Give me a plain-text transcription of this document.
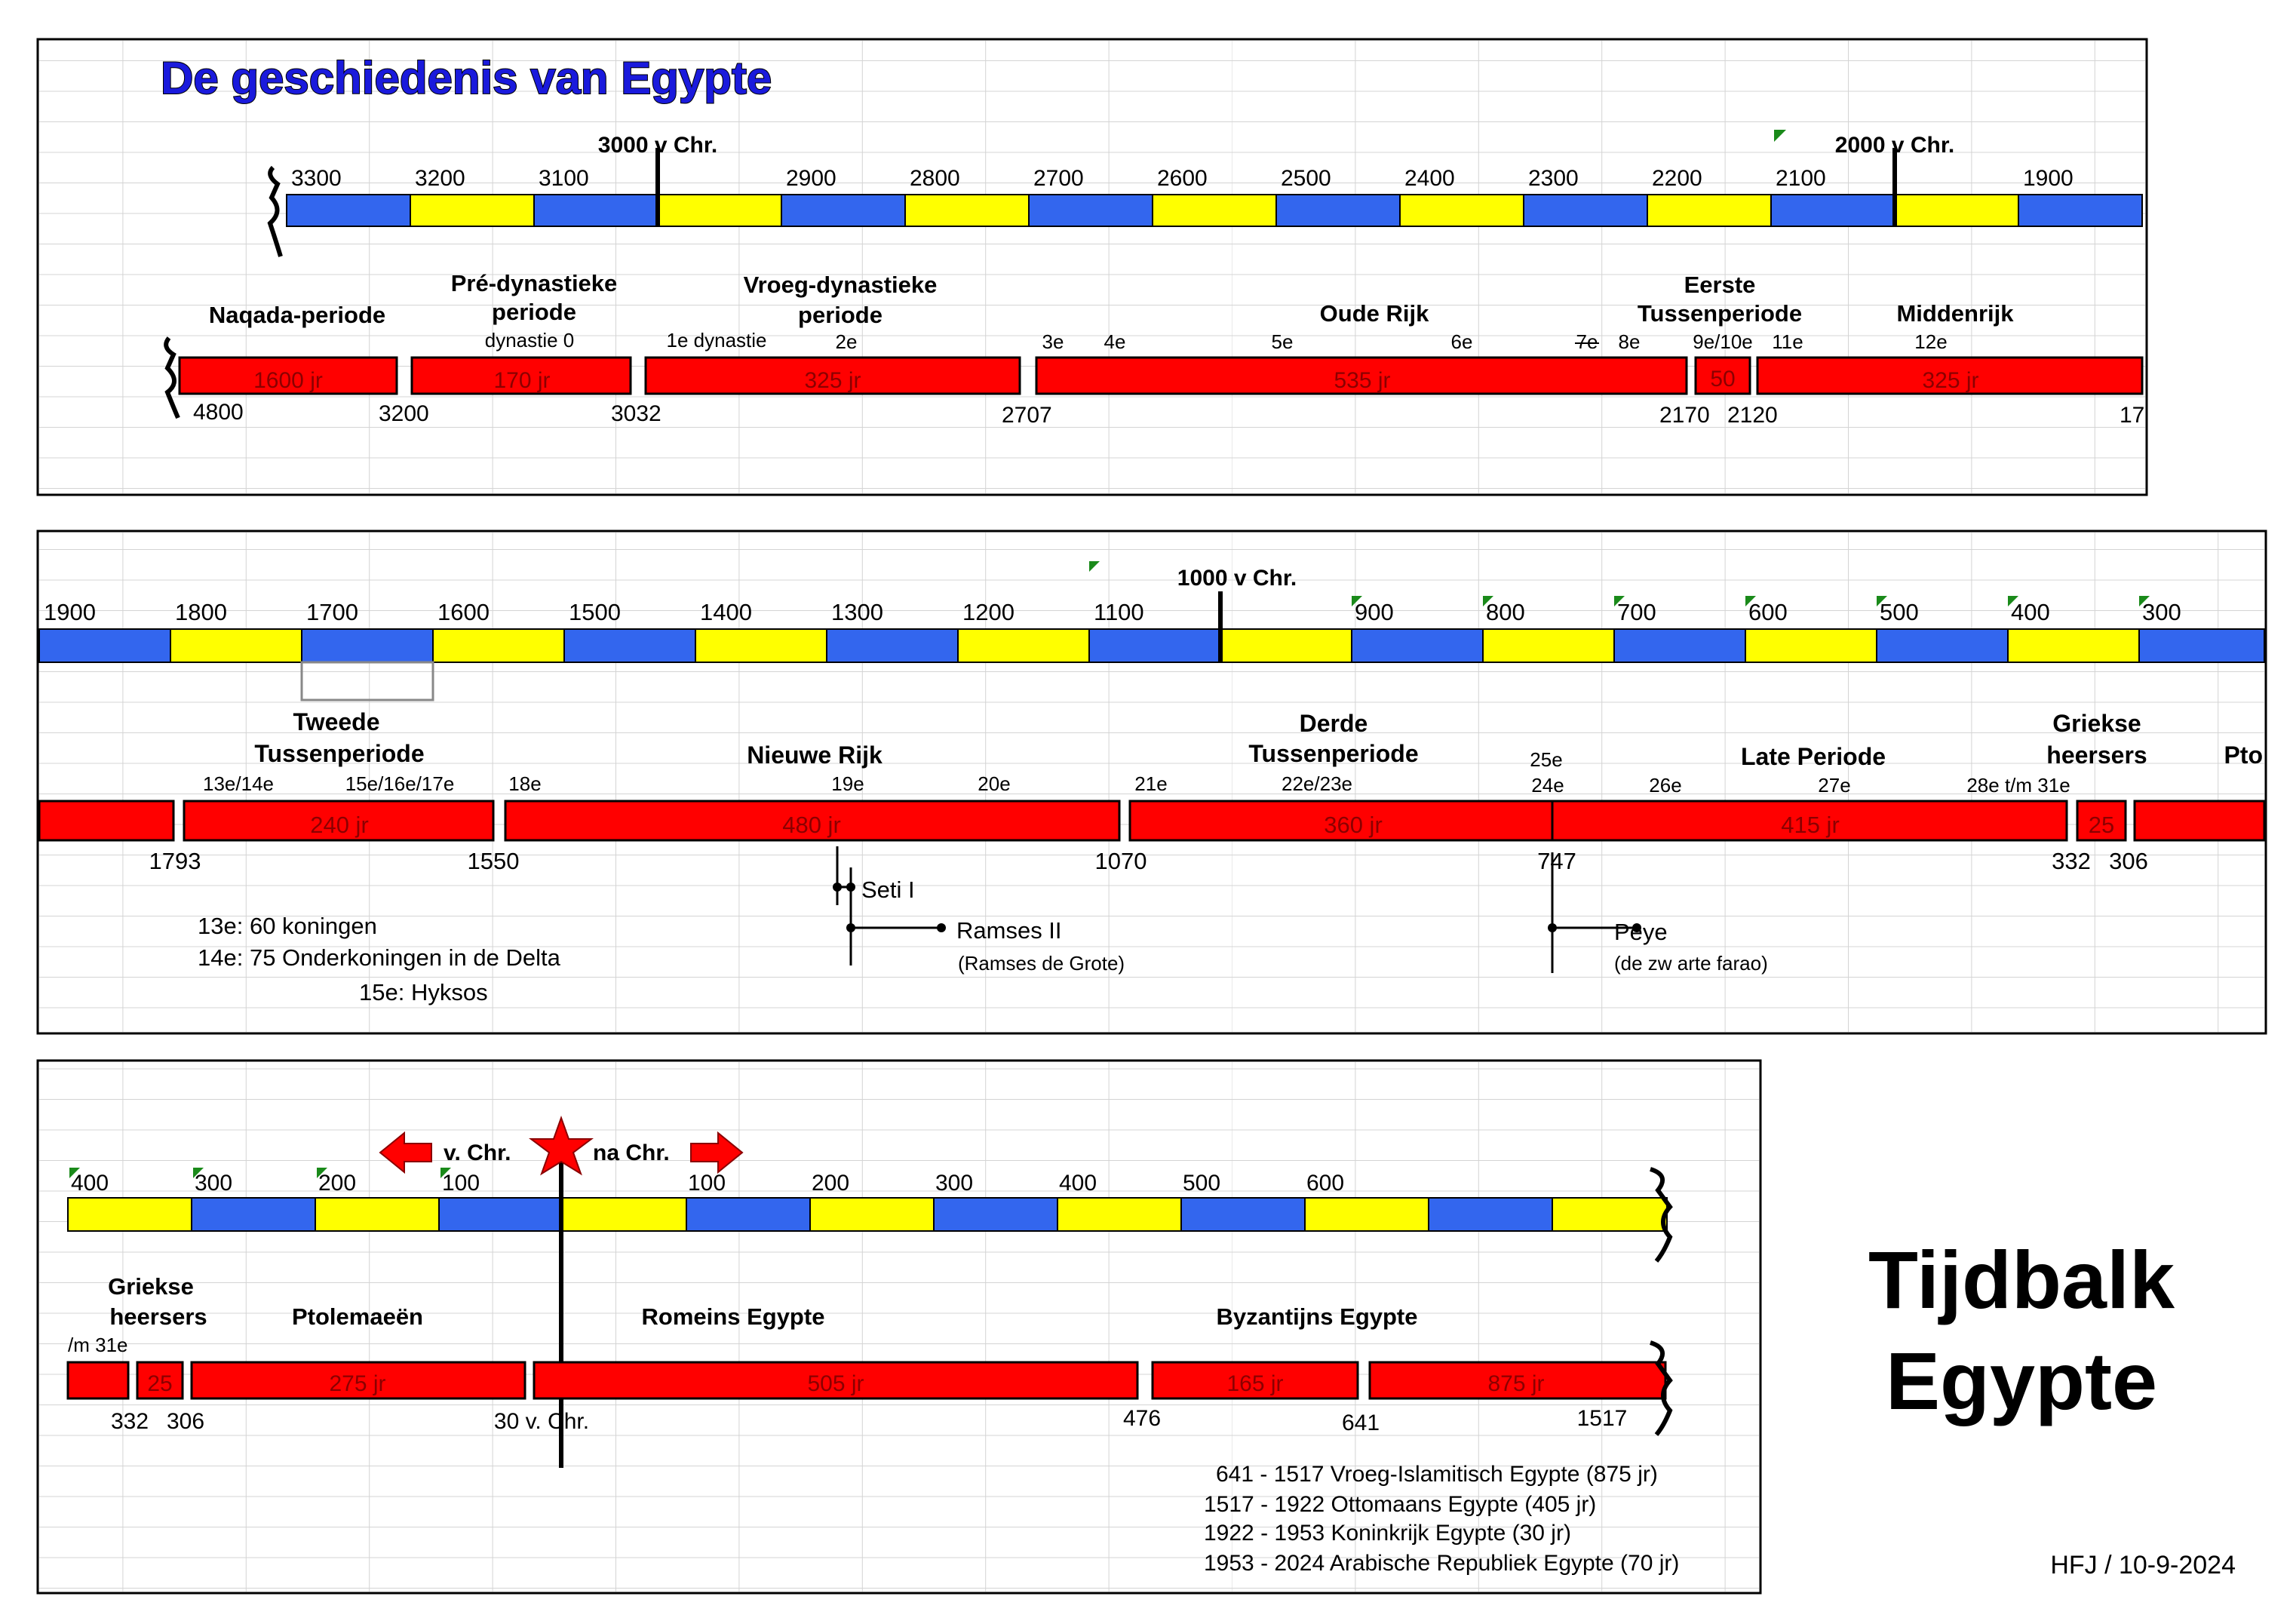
De geschiedenis van Egypte
3000 v Chr.	2000 v Chr.
3300	3200	3100	2900	2800	2700	2600	2500	2400	2300	2200	2100	1900
Naqada-periode
Pré-dynastieke
periode
Vroeg-dynastieke
periode	Oude Rijk
Eerste
Tussenperiode	Middenrijk
dynastie 0	1e dynastie	2e	3e 4e	5e	6e	7e 8e	9e/10e 11e	12e
1600 jr	170 jr	325 jr	535 jr	50	325 jr
4800	3200	3032	2707	2170 2120	17
1000 v Chr.
1900	1800	1700	1600	1500	1400	1300	1200	1100	900	800	700	600	500	400	300
Tweede
Tussenperiode	Nieuwe Rijk
Derde
Tussenperiode	Late Periode
Griekse
heersers	Pto
13e/14e	15e/16e/17e	18e	19e	20e	21e	22e/23e
25e
24e	26e	27e	28e t/m 31e
240 jr	480 jr	360 jr	415 jr	25
1793	1550	1070	747	332 306
Seti I
Ramses II
(Ramses de Grote)
Peye
(de zw arte farao)
13e: 60 koningen
14e: 75 Onderkoningen in de Delta
15e: Hyksos
v. Chr.	na Chr.
400	300	200	100	100	200	300	400	500	600
Griekse
heersers	Ptolemaeën	Romeins Egypte	Byzantijns Egypte
/m 31e
25	275 jr	505 jr	165 jr	875 jr
332 306	30 v. Chr.	476	641	1517
641 - 1517 Vroeg-Islamitisch Egypte (875 jr)
1517 - 1922 Ottomaans Egypte (405 jr)
1922 - 1953 Koninkrijk Egypte (30 jr)
1953 - 2024 Arabische Republiek Egypte (70 jr)	HFJ / 10-9-2024
Tijdbalk
Egypte
